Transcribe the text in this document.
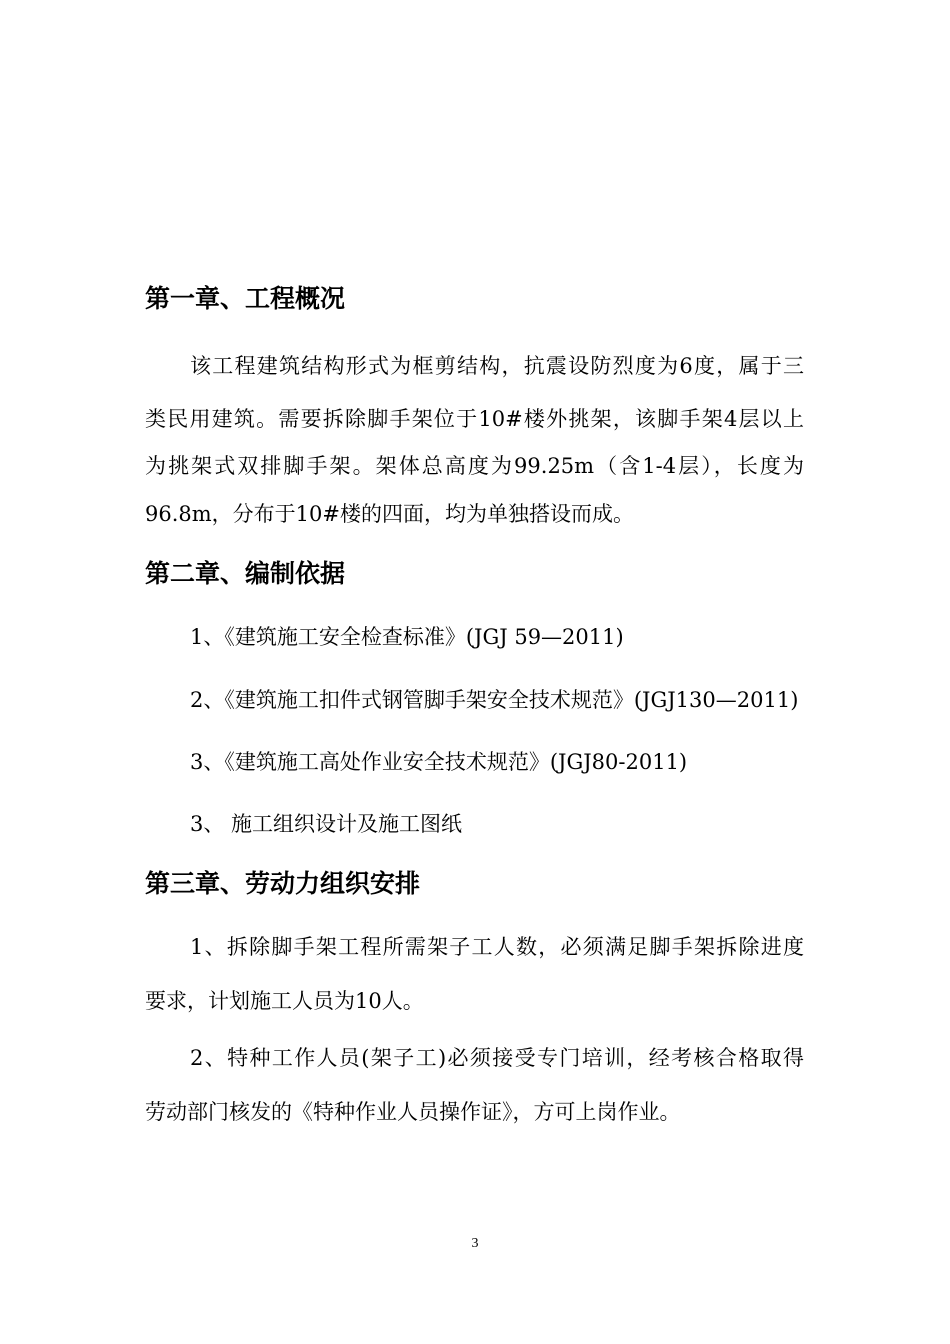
第一章、工程概况

该工程建筑结构形式为框剪结构，抗震设防烈度为6度，属于三

类民用建筑。需要拆除脚手架位于10#楼外挑架，该脚手架4层以上

为挑架式双排脚手架。架体总高度为99.25m（含1-4层），长度为

96.8m，分布于10#楼的四面，均为单独搭设而成。

第二章、编制依据

1、《建筑施工安全检查标准》(JGJ 59—2011)

2、《建筑施工扣件式钢管脚手架安全技术规范》(JGJ130—2011)

3、《建筑施工高处作业安全技术规范》(JGJ80-2011)

3、 施工组织设计及施工图纸

第三章、劳动力组织安排

1、拆除脚手架工程所需架子工人数，必须满足脚手架拆除进度

要求，计划施工人员为10人。

2、特种工作人员(架子工)必须接受专门培训，经考核合格取得

劳动部门核发的《特种作业人员操作证》，方可上岗作业。

3
